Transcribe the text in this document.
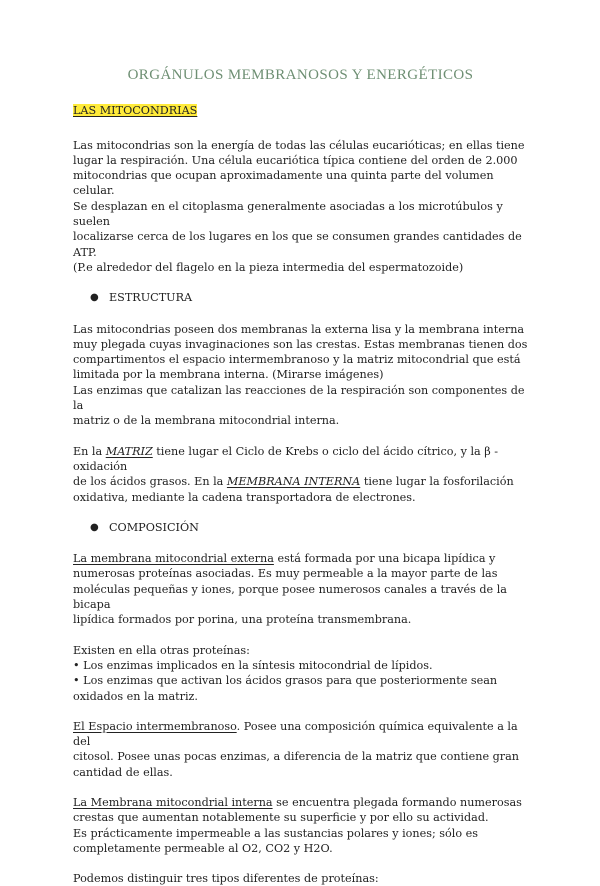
ORGÁNULOS MEMBRANOSOS Y ENERGÉTICOS
LAS MITOCONDRIAS

Las mitocondrias son la energía de todas las células eucarióticas; en ellas tiene
lugar la respiración. Una célula eucariótica típica contiene del orden de 2.000
mitocondrias que ocupan aproximadamente una quinta parte del volumen celular.
Se desplazan en el citoplasma generalmente asociadas a los microtúbulos y suelen
localizarse cerca de los lugares en los que se consumen grandes cantidades de ATP.
(P.e alrededor del flagelo en la pieza intermedia del espermatozoide)

● ESTRUCTURA

Las mitocondrias poseen dos membranas la externa lisa y la membrana interna
muy plegada cuyas invaginaciones son las crestas. Estas membranas tienen dos
compartimentos el espacio intermembranoso y la matriz mitocondrial que está
limitada por la membrana interna. (Mirarse imágenes)
Las enzimas que catalizan las reacciones de la respiración son componentes de la
matriz o de la membrana mitocondrial interna.

En la MATRIZ tiene lugar el Ciclo de Krebs o ciclo del ácido cítrico, y la β -oxidación
de los ácidos grasos. En la MEMBRANA INTERNA tiene lugar la fosforilación
oxidativa, mediante la cadena transportadora de electrones.

● COMPOSICIÓN

La membrana mitocondrial externa está formada por una bicapa lipídica y
numerosas proteínas asociadas. Es muy permeable a la mayor parte de las
moléculas pequeñas y iones, porque posee numerosos canales a través de la bicapa
lipídica formados por porina, una proteína transmembrana.

Existen en ella otras proteínas:
• Los enzimas implicados en la síntesis mitocondrial de lípidos.
• Los enzimas que activan los ácidos grasos para que posteriormente sean
oxidados en la matriz.

El Espacio intermembranoso. Posee una composición química equivalente a la del
citosol. Posee unas pocas enzimas, a diferencia de la matriz que contiene gran
cantidad de ellas.

La Membrana mitocondrial interna se encuentra plegada formando numerosas
crestas que aumentan notablemente su superficie y por ello su actividad.
Es prácticamente impermeable a las sustancias polares y iones; sólo es
completamente permeable al O2, CO2 y H2O.

Podemos distinguir tres tipos diferentes de proteínas:
